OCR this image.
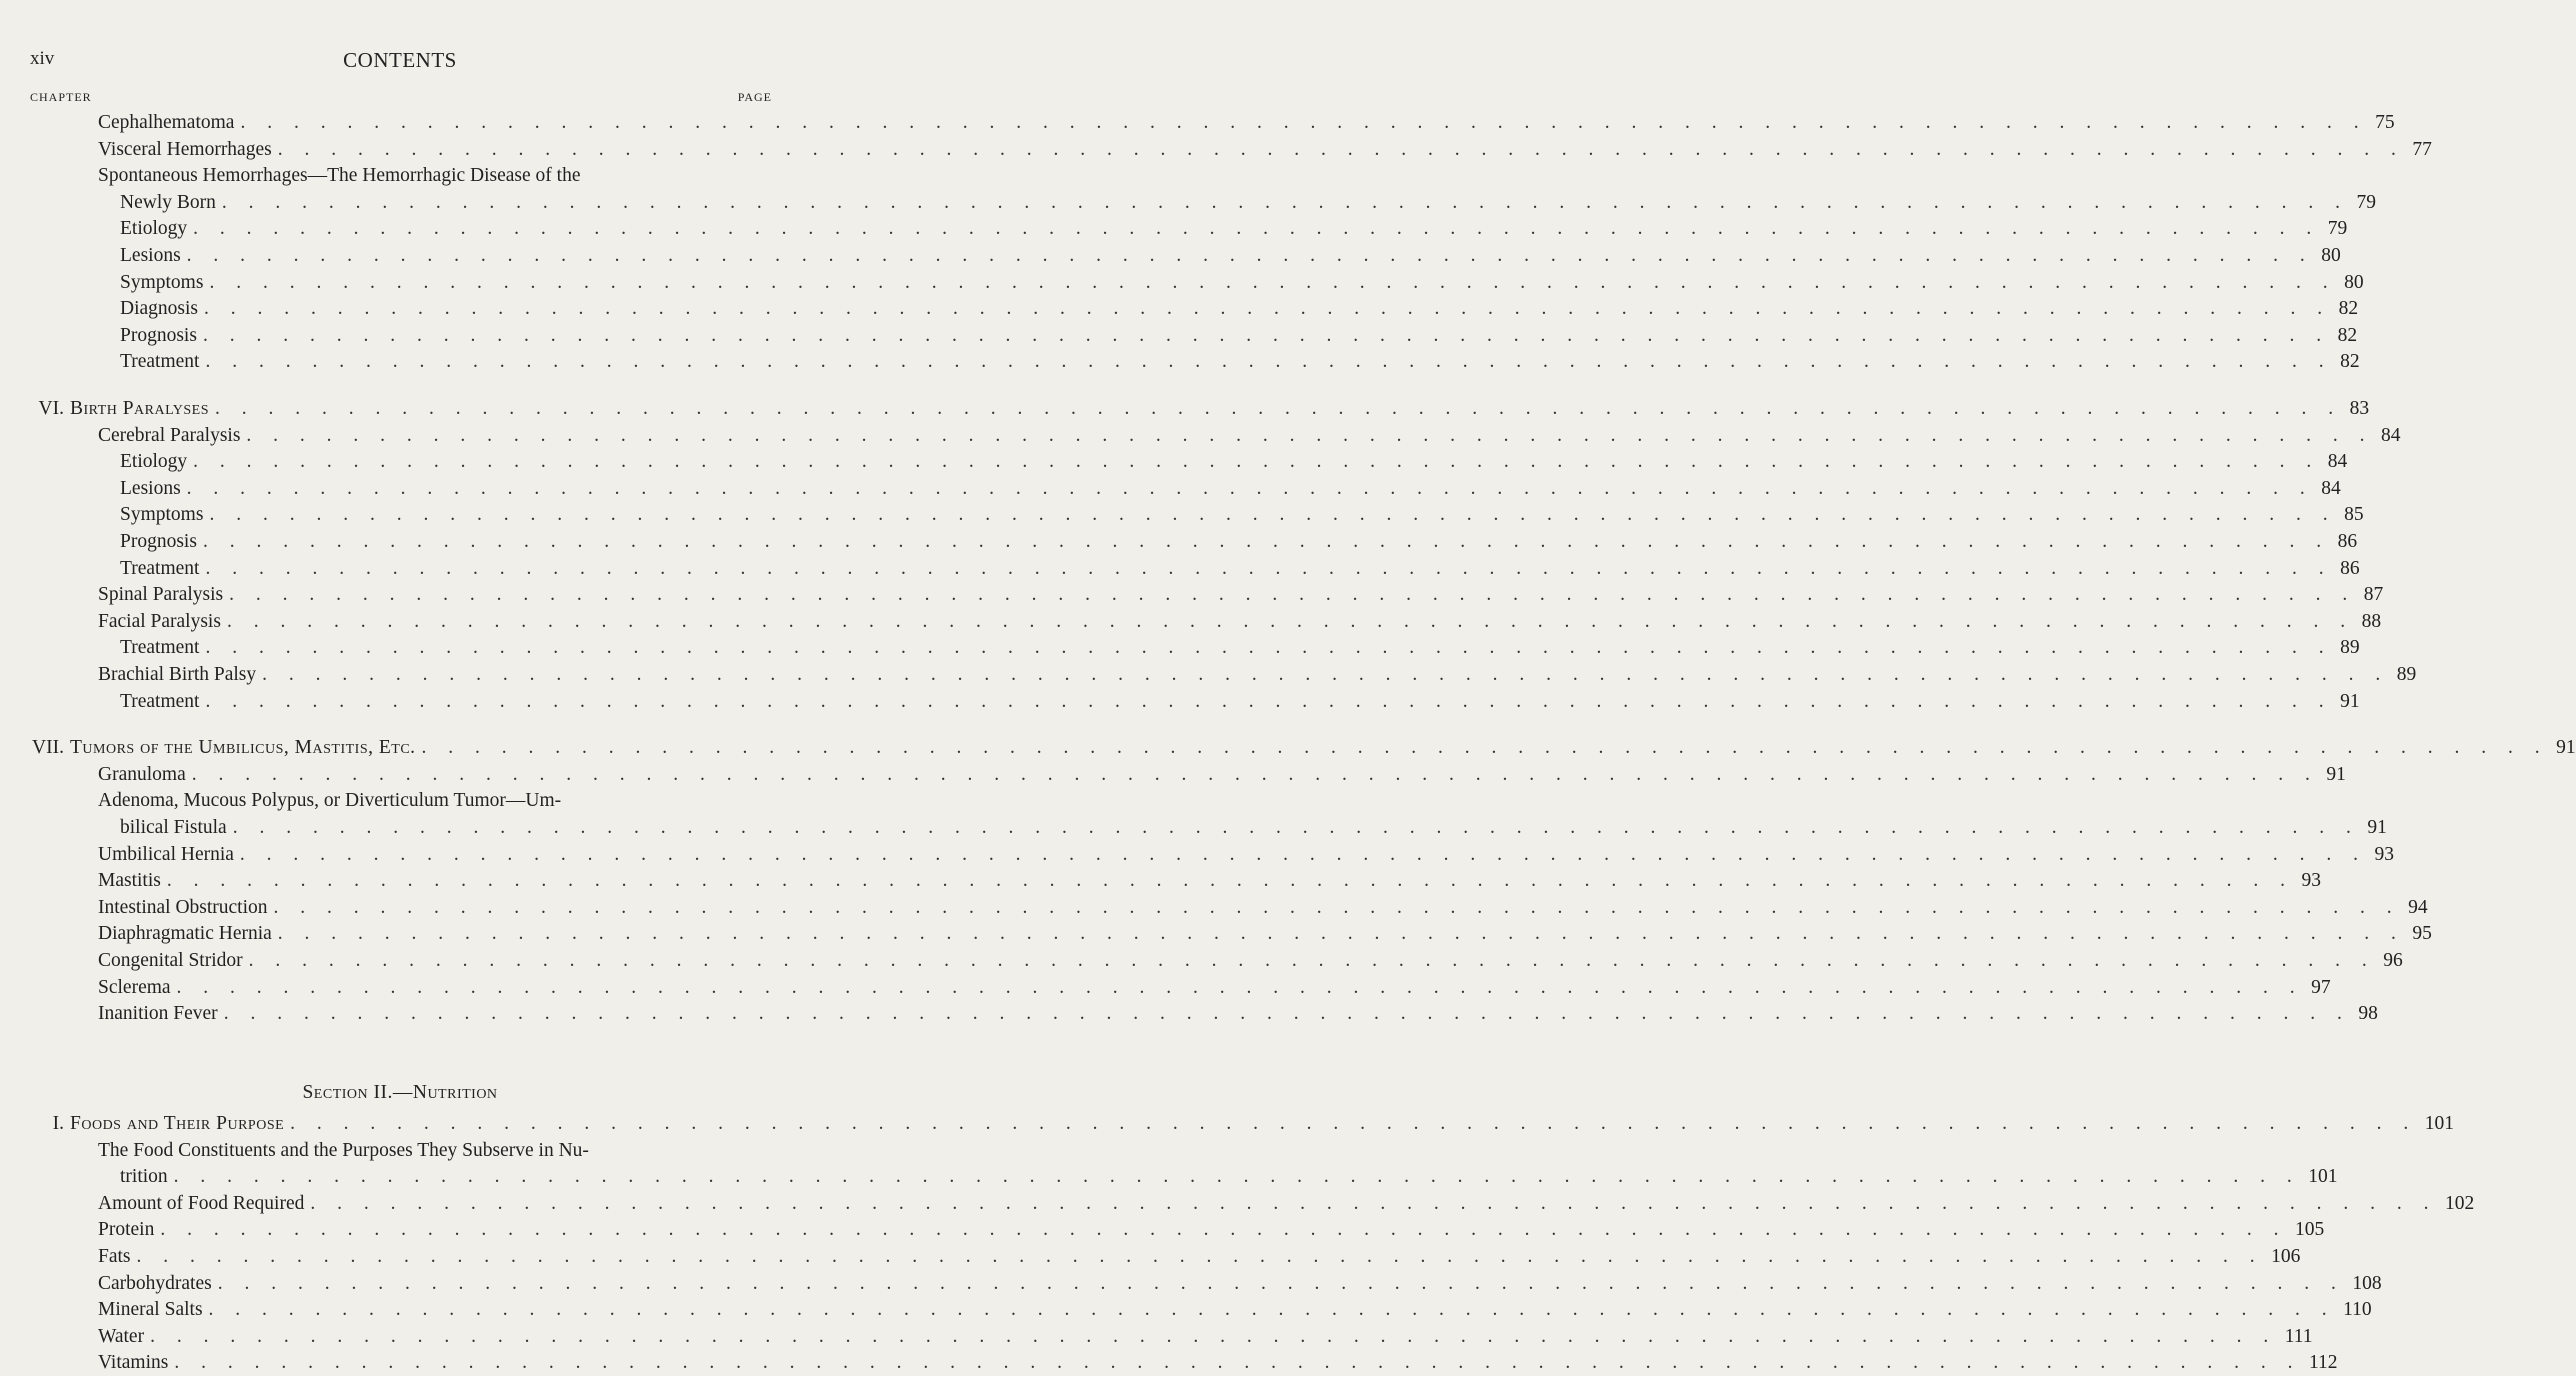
xiv	CONTENTS
CHAPTER	PAGE
Cephalhematoma . . . . . . . . . . . . . . . . . . . . . . . . . . . . . . . . . . . . . . . . . . . . . . . . . . . . . . . . . . . . . . . . . . . . . . . . . . . . . . . . 75
Visceral Hemorrhages . . . . . . . . . . . . . . . . . . . . . . . . . . . . . . . . . . . . . . . . . . . . . . . . . . . . . . . . . . . . . . . . . . . . . . . . . . . . . . . . 77
Spontaneous Hemorrhages—The Hemorrhagic Disease of the
Newly Born . . . . . . . . . . . . . . . . . . . . . . . . . . . . . . . . . . . . . . . . . . . . . . . . . . . . . . . . . . . . . . . . . . . . . . . . . . . . . . . . 79
Etiology . . . . . . . . . . . . . . . . . . . . . . . . . . . . . . . . . . . . . . . . . . . . . . . . . . . . . . . . . . . . . . . . . . . . . . . . . . . . . . . . 79
Lesions . . . . . . . . . . . . . . . . . . . . . . . . . . . . . . . . . . . . . . . . . . . . . . . . . . . . . . . . . . . . . . . . . . . . . . . . . . . . . . . . 80
Symptoms . . . . . . . . . . . . . . . . . . . . . . . . . . . . . . . . . . . . . . . . . . . . . . . . . . . . . . . . . . . . . . . . . . . . . . . . . . . . . . . . 80
Diagnosis . . . . . . . . . . . . . . . . . . . . . . . . . . . . . . . . . . . . . . . . . . . . . . . . . . . . . . . . . . . . . . . . . . . . . . . . . . . . . . . . 82
Prognosis . . . . . . . . . . . . . . . . . . . . . . . . . . . . . . . . . . . . . . . . . . . . . . . . . . . . . . . . . . . . . . . . . . . . . . . . . . . . . . . . 82
Treatment . . . . . . . . . . . . . . . . . . . . . . . . . . . . . . . . . . . . . . . . . . . . . . . . . . . . . . . . . . . . . . . . . . . . . . . . . . . . . . . . 82
VI. Birth Paralyses . . . . . . . . . . . . . . . . . . . . . . . . . . . . . . . . . . . . . . . . . . . . . . . . . . . . . . . . . . . . . . . . . . . . . . . . . . . . . . . . 83
Cerebral Paralysis . . . . . . . . . . . . . . . . . . . . . . . . . . . . . . . . . . . . . . . . . . . . . . . . . . . . . . . . . . . . . . . . . . . . . . . . . . . . . . . . 84
Etiology . . . . . . . . . . . . . . . . . . . . . . . . . . . . . . . . . . . . . . . . . . . . . . . . . . . . . . . . . . . . . . . . . . . . . . . . . . . . . . . . 84
Lesions . . . . . . . . . . . . . . . . . . . . . . . . . . . . . . . . . . . . . . . . . . . . . . . . . . . . . . . . . . . . . . . . . . . . . . . . . . . . . . . . 84
Symptoms . . . . . . . . . . . . . . . . . . . . . . . . . . . . . . . . . . . . . . . . . . . . . . . . . . . . . . . . . . . . . . . . . . . . . . . . . . . . . . . . 85
Prognosis . . . . . . . . . . . . . . . . . . . . . . . . . . . . . . . . . . . . . . . . . . . . . . . . . . . . . . . . . . . . . . . . . . . . . . . . . . . . . . . . 86
Treatment . . . . . . . . . . . . . . . . . . . . . . . . . . . . . . . . . . . . . . . . . . . . . . . . . . . . . . . . . . . . . . . . . . . . . . . . . . . . . . . . 86
Spinal Paralysis . . . . . . . . . . . . . . . . . . . . . . . . . . . . . . . . . . . . . . . . . . . . . . . . . . . . . . . . . . . . . . . . . . . . . . . . . . . . . . . . 87
Facial Paralysis . . . . . . . . . . . . . . . . . . . . . . . . . . . . . . . . . . . . . . . . . . . . . . . . . . . . . . . . . . . . . . . . . . . . . . . . . . . . . . . . 88
Treatment . . . . . . . . . . . . . . . . . . . . . . . . . . . . . . . . . . . . . . . . . . . . . . . . . . . . . . . . . . . . . . . . . . . . . . . . . . . . . . . . 89
Brachial Birth Palsy . . . . . . . . . . . . . . . . . . . . . . . . . . . . . . . . . . . . . . . . . . . . . . . . . . . . . . . . . . . . . . . . . . . . . . . . . . . . . . . . 89
Treatment . . . . . . . . . . . . . . . . . . . . . . . . . . . . . . . . . . . . . . . . . . . . . . . . . . . . . . . . . . . . . . . . . . . . . . . . . . . . . . . . 91
VII. Tumors of the Umbilicus, Mastitis, Etc. . . . . . . . . . . . . . . . . . . . . . . . . . . . . . . . . . . . . . . . . . . . . . . . . . . . . . . . . . . . . . . . . . . . . . . . . . . . . . . . . 91
Granuloma . . . . . . . . . . . . . . . . . . . . . . . . . . . . . . . . . . . . . . . . . . . . . . . . . . . . . . . . . . . . . . . . . . . . . . . . . . . . . . . . 91
Adenoma, Mucous Polypus, or Diverticulum Tumor—Um-
bilical Fistula . . . . . . . . . . . . . . . . . . . . . . . . . . . . . . . . . . . . . . . . . . . . . . . . . . . . . . . . . . . . . . . . . . . . . . . . . . . . . . . . 91
Umbilical Hernia . . . . . . . . . . . . . . . . . . . . . . . . . . . . . . . . . . . . . . . . . . . . . . . . . . . . . . . . . . . . . . . . . . . . . . . . . . . . . . . . 93
Mastitis . . . . . . . . . . . . . . . . . . . . . . . . . . . . . . . . . . . . . . . . . . . . . . . . . . . . . . . . . . . . . . . . . . . . . . . . . . . . . . . . 93
Intestinal Obstruction . . . . . . . . . . . . . . . . . . . . . . . . . . . . . . . . . . . . . . . . . . . . . . . . . . . . . . . . . . . . . . . . . . . . . . . . . . . . . . . . 94
Diaphragmatic Hernia . . . . . . . . . . . . . . . . . . . . . . . . . . . . . . . . . . . . . . . . . . . . . . . . . . . . . . . . . . . . . . . . . . . . . . . . . . . . . . . . 95
Congenital Stridor . . . . . . . . . . . . . . . . . . . . . . . . . . . . . . . . . . . . . . . . . . . . . . . . . . . . . . . . . . . . . . . . . . . . . . . . . . . . . . . . 96
Sclerema . . . . . . . . . . . . . . . . . . . . . . . . . . . . . . . . . . . . . . . . . . . . . . . . . . . . . . . . . . . . . . . . . . . . . . . . . . . . . . . . 97
Inanition Fever . . . . . . . . . . . . . . . . . . . . . . . . . . . . . . . . . . . . . . . . . . . . . . . . . . . . . . . . . . . . . . . . . . . . . . . . . . . . . . . . 98
I. Foods and Their Purpose . . . . . . . . . . . . . . . . . . . . . . . . . . . . . . . . . . . . . . . . . . . . . . . . . . . . . . . . . . . . . . . . . . . . . . . . . . . . . . . . 101
The Food Constituents and the Purposes They Subserve in Nu-
trition . . . . . . . . . . . . . . . . . . . . . . . . . . . . . . . . . . . . . . . . . . . . . . . . . . . . . . . . . . . . . . . . . . . . . . . . . . . . . . . . 101
Amount of Food Required . . . . . . . . . . . . . . . . . . . . . . . . . . . . . . . . . . . . . . . . . . . . . . . . . . . . . . . . . . . . . . . . . . . . . . . . . . . . . . . . 102
Protein . . . . . . . . . . . . . . . . . . . . . . . . . . . . . . . . . . . . . . . . . . . . . . . . . . . . . . . . . . . . . . . . . . . . . . . . . . . . . . . . 105
Fats . . . . . . . . . . . . . . . . . . . . . . . . . . . . . . . . . . . . . . . . . . . . . . . . . . . . . . . . . . . . . . . . . . . . . . . . . . . . . . . . 106
Carbohydrates . . . . . . . . . . . . . . . . . . . . . . . . . . . . . . . . . . . . . . . . . . . . . . . . . . . . . . . . . . . . . . . . . . . . . . . . . . . . . . . . 108
Mineral Salts . . . . . . . . . . . . . . . . . . . . . . . . . . . . . . . . . . . . . . . . . . . . . . . . . . . . . . . . . . . . . . . . . . . . . . . . . . . . . . . . 110
Water . . . . . . . . . . . . . . . . . . . . . . . . . . . . . . . . . . . . . . . . . . . . . . . . . . . . . . . . . . . . . . . . . . . . . . . . . . . . . . . . 111
Vitamins . . . . . . . . . . . . . . . . . . . . . . . . . . . . . . . . . . . . . . . . . . . . . . . . . . . . . . . . . . . . . . . . . . . . . . . . . . . . . . . . 112
Section II.—Nutrition
